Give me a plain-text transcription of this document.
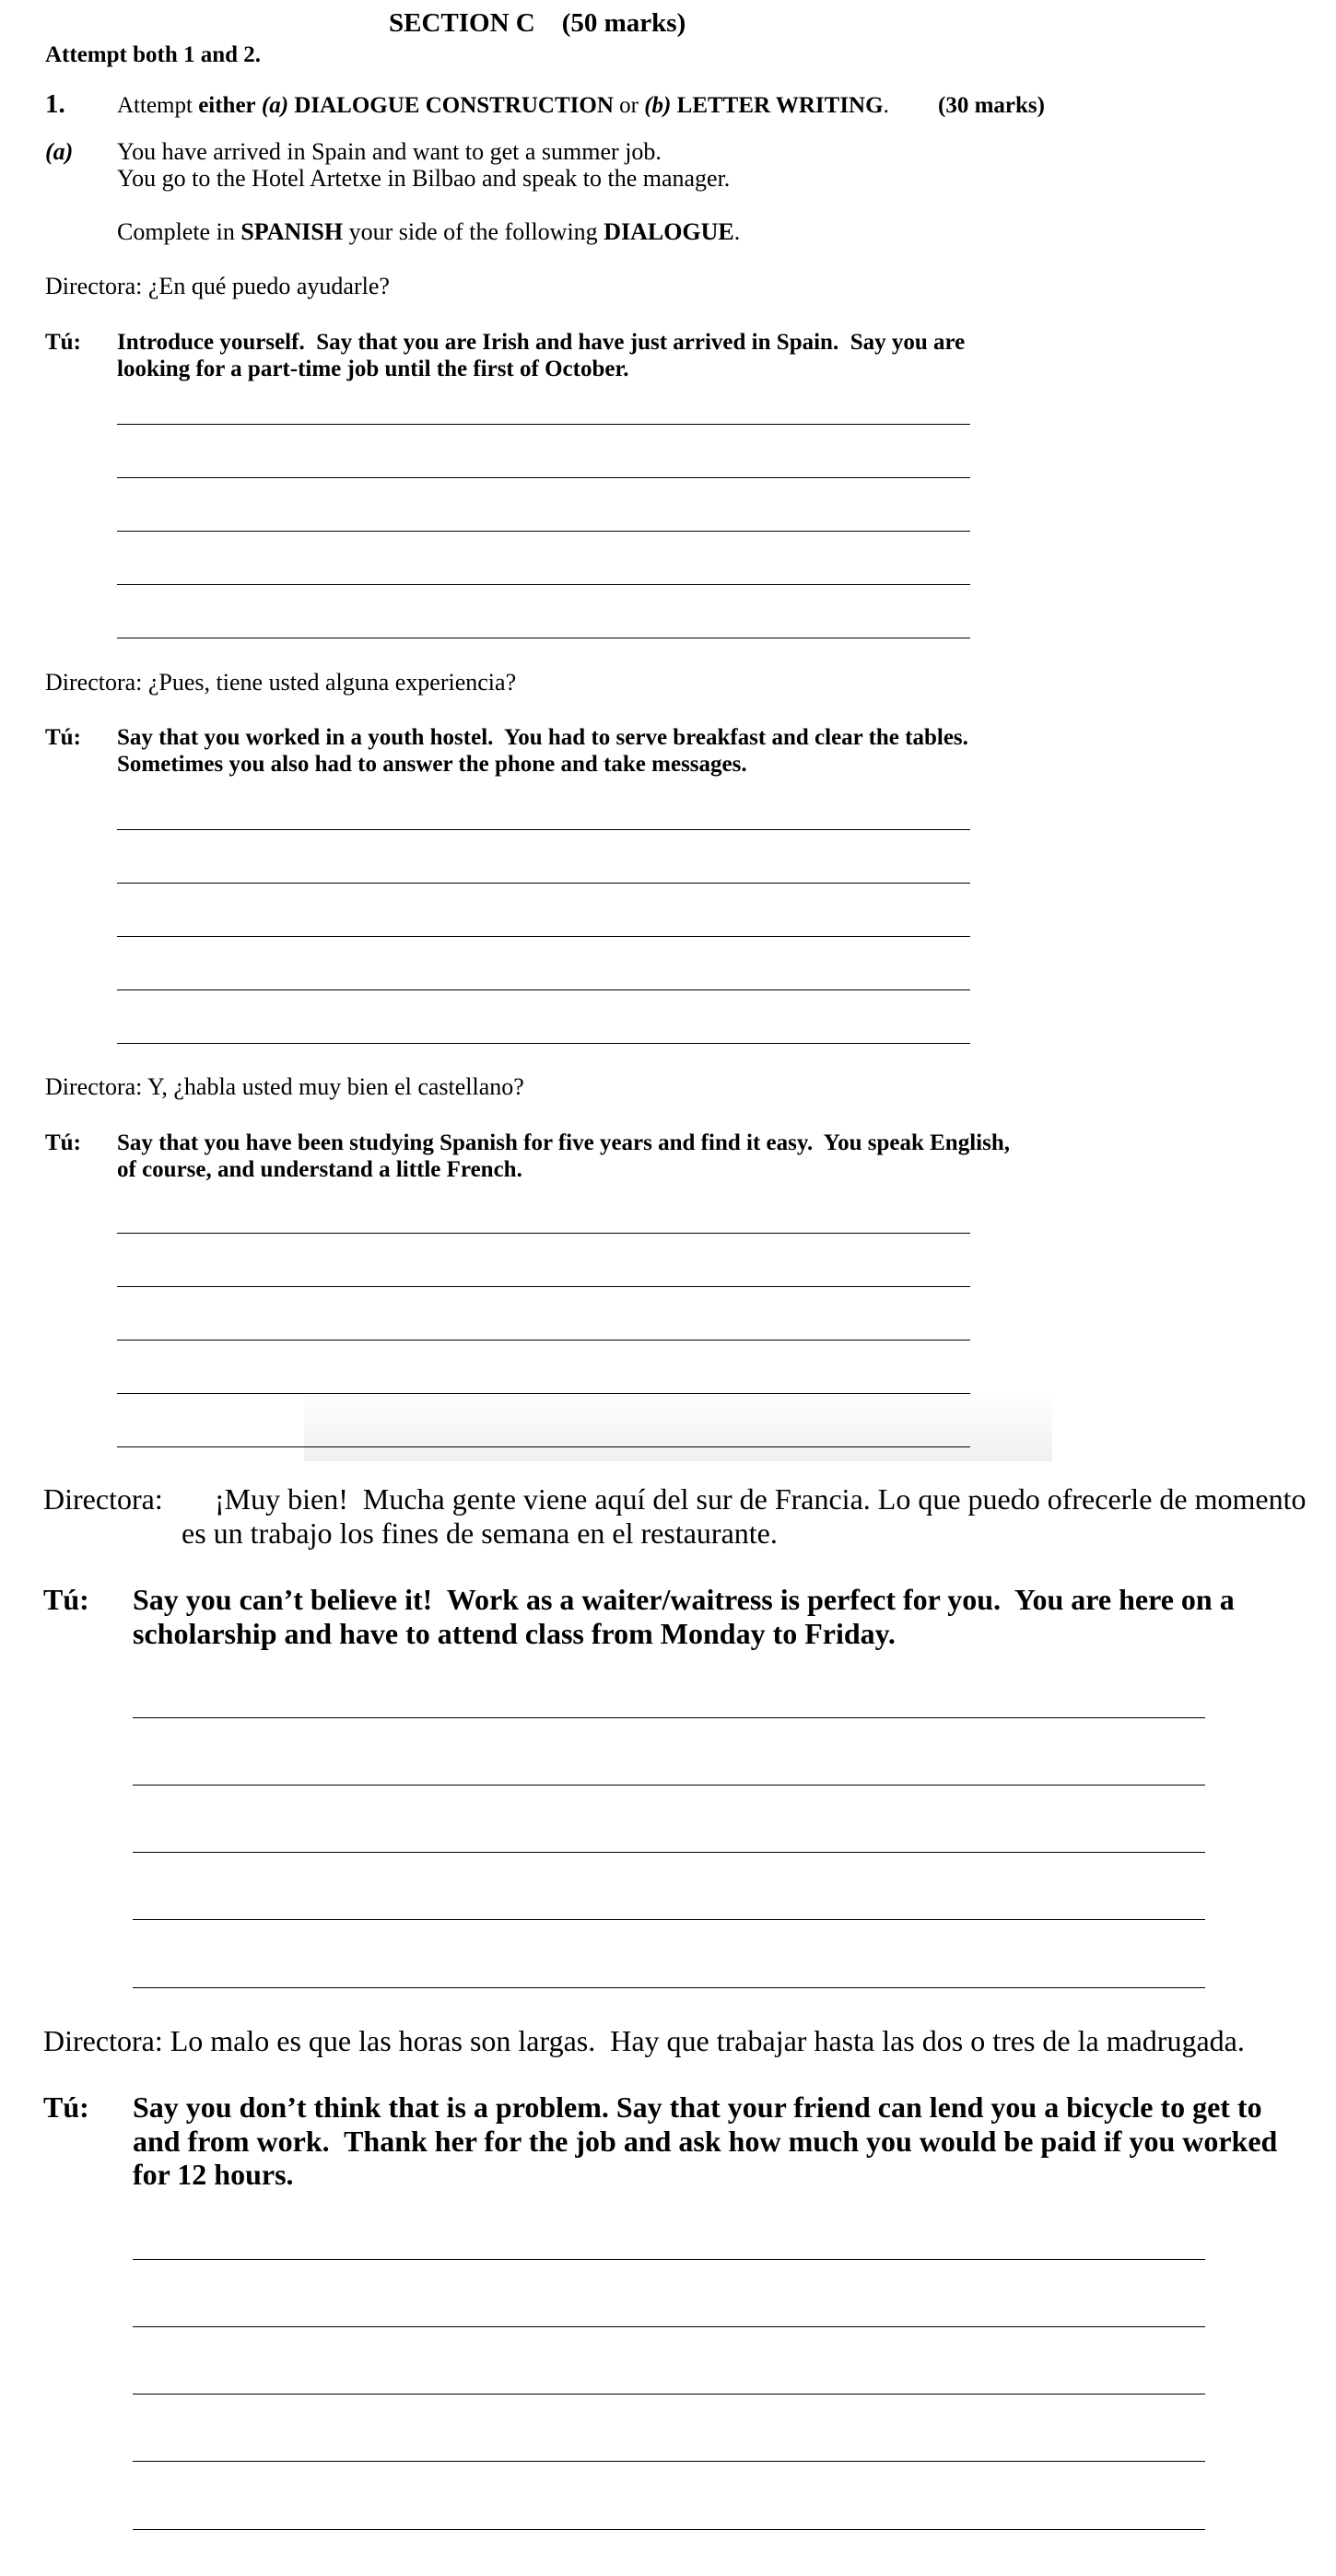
SECTION C    (50 marks)
Attempt both 1 and 2.
1. Attempt either (a) DIALOGUE CONSTRUCTION or (b) LETTER WRITING. (30 marks)
(a) You have arrived in Spain and want to get a summer job.
You go to the Hotel Artetxe in Bilbao and speak to the manager.
Complete in SPANISH your side of the following DIALOGUE.
Directora: ¿En qué puedo ayudarle?
Tú: Introduce yourself.  Say that you are Irish and have just arrived in Spain.  Say you are
looking for a part-time job until the first of October.
Directora: ¿Pues, tiene usted alguna experiencia?
Tú: Say that you worked in a youth hostel.  You had to serve breakfast and clear the tables.
Sometimes you also had to answer the phone and take messages.
Directora: Y, ¿habla usted muy bien el castellano?
Tú: Say that you have been studying Spanish for five years and find it easy.  You speak English,
of course, and understand a little French.
Directora: ¡Muy bien!  Mucha gente viene aquí del sur de Francia. Lo que puedo ofrecerle de momento
es un trabajo los fines de semana en el restaurante.
Tú: Say you can’t believe it!  Work as a waiter/waitress is perfect for you.  You are here on a
scholarship and have to attend class from Monday to Friday.
Directora: Lo malo es que las horas son largas.  Hay que trabajar hasta las dos o tres de la madrugada.
Tú: Say you don’t think that is a problem. Say that your friend can lend you a bicycle to get to
and from work.  Thank her for the job and ask how much you would be paid if you worked
for 12 hours.
